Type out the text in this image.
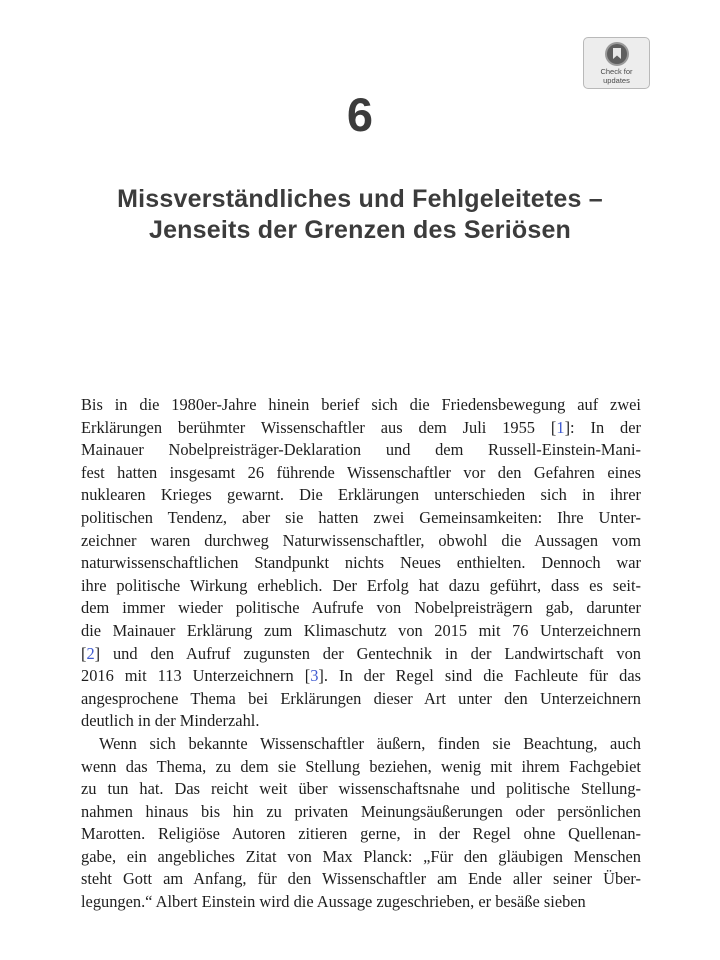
Check for
updates
6
Missverständliches und Fehlgeleitetes –
Jenseits der Grenzen des Seriösen
Bis in die 1980er-Jahre hinein berief sich die Friedensbewegung auf zwei
Erklärungen berühmter Wissenschaftler aus dem Juli 1955 [1]: In der
Mainauer Nobelpreisträger-Deklaration und dem Russell-Einstein-Mani-
fest hatten insgesamt 26 führende Wissenschaftler vor den Gefahren eines
nuklearen Krieges gewarnt. Die Erklärungen unterschieden sich in ihrer
politischen Tendenz, aber sie hatten zwei Gemeinsamkeiten: Ihre Unter-
zeichner waren durchweg Naturwissenschaftler, obwohl die Aussagen vom
naturwissenschaftlichen Standpunkt nichts Neues enthielten. Dennoch war
ihre politische Wirkung erheblich. Der Erfolg hat dazu geführt, dass es seit-
dem immer wieder politische Aufrufe von Nobelpreisträgern gab, darunter
die Mainauer Erklärung zum Klimaschutz von 2015 mit 76 Unterzeichnern
[2] und den Aufruf zugunsten der Gentechnik in der Landwirtschaft von
2016 mit 113 Unterzeichnern [3]. In der Regel sind die Fachleute für das
angesprochene Thema bei Erklärungen dieser Art unter den Unterzeichnern
deutlich in der Minderzahl.
Wenn sich bekannte Wissenschaftler äußern, finden sie Beachtung, auch
wenn das Thema, zu dem sie Stellung beziehen, wenig mit ihrem Fachgebiet
zu tun hat. Das reicht weit über wissenschaftsnahe und politische Stellung-
nahmen hinaus bis hin zu privaten Meinungsäußerungen oder persönlichen
Marotten. Religiöse Autoren zitieren gerne, in der Regel ohne Quellenan-
gabe, ein angebliches Zitat von Max Planck: „Für den gläubigen Menschen
steht Gott am Anfang, für den Wissenschaftler am Ende aller seiner Über-
legungen.“ Albert Einstein wird die Aussage zugeschrieben, er besäße sieben
